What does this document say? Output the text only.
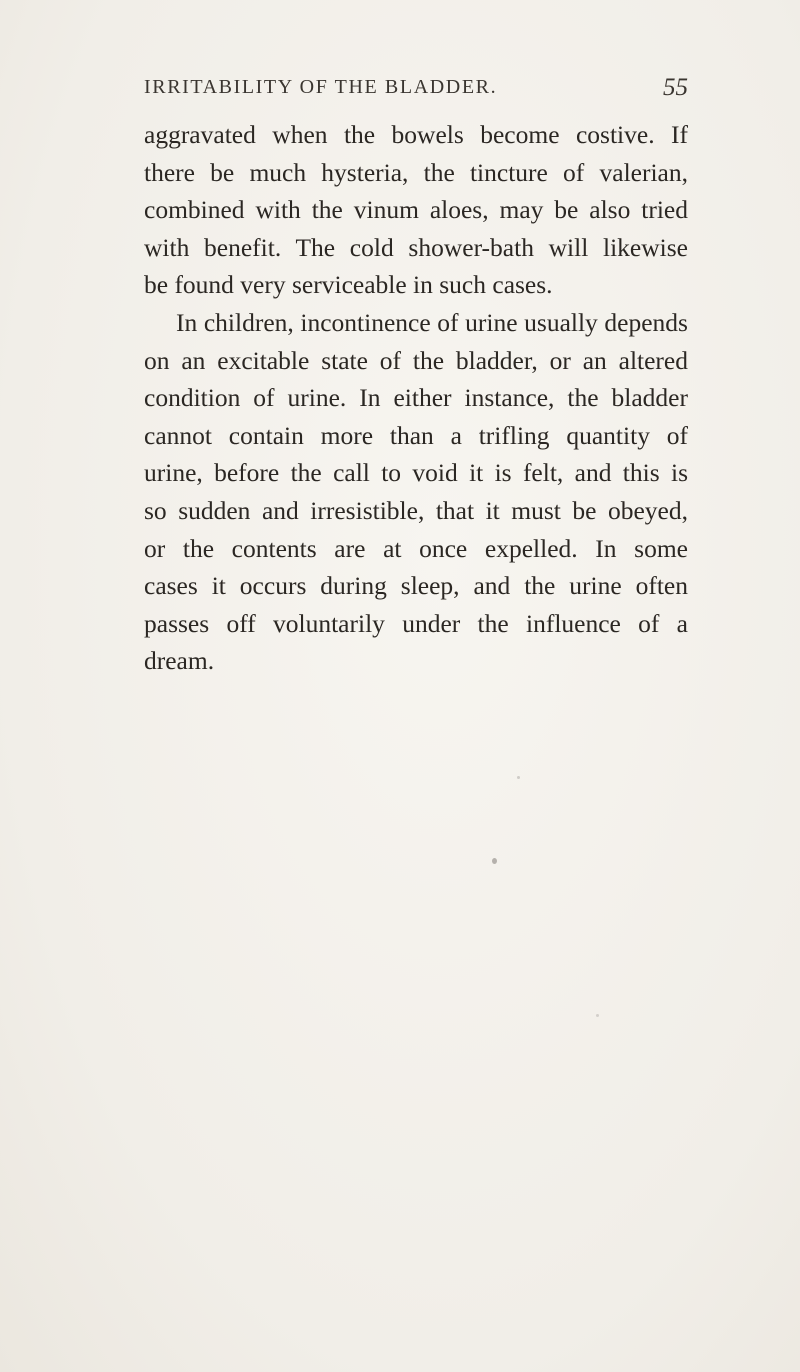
IRRITABILITY OF THE BLADDER.	55
aggravated when the bowels become costive. If
there be much hysteria, the tincture of valerian,
combined with the vinum aloes, may be also tried
with benefit. The cold shower-bath will likewise
be found very serviceable in such cases.
In children, incontinence of urine usually depends
on an excitable state of the bladder, or an altered
condition of urine. In either instance, the bladder
cannot contain more than a trifling quantity of
urine, before the call to void it is felt, and this is
so sudden and irresistible, that it must be obeyed,
or the contents are at once expelled. In some
cases it occurs during sleep, and the urine often
passes off voluntarily under the influence of a
dream.
